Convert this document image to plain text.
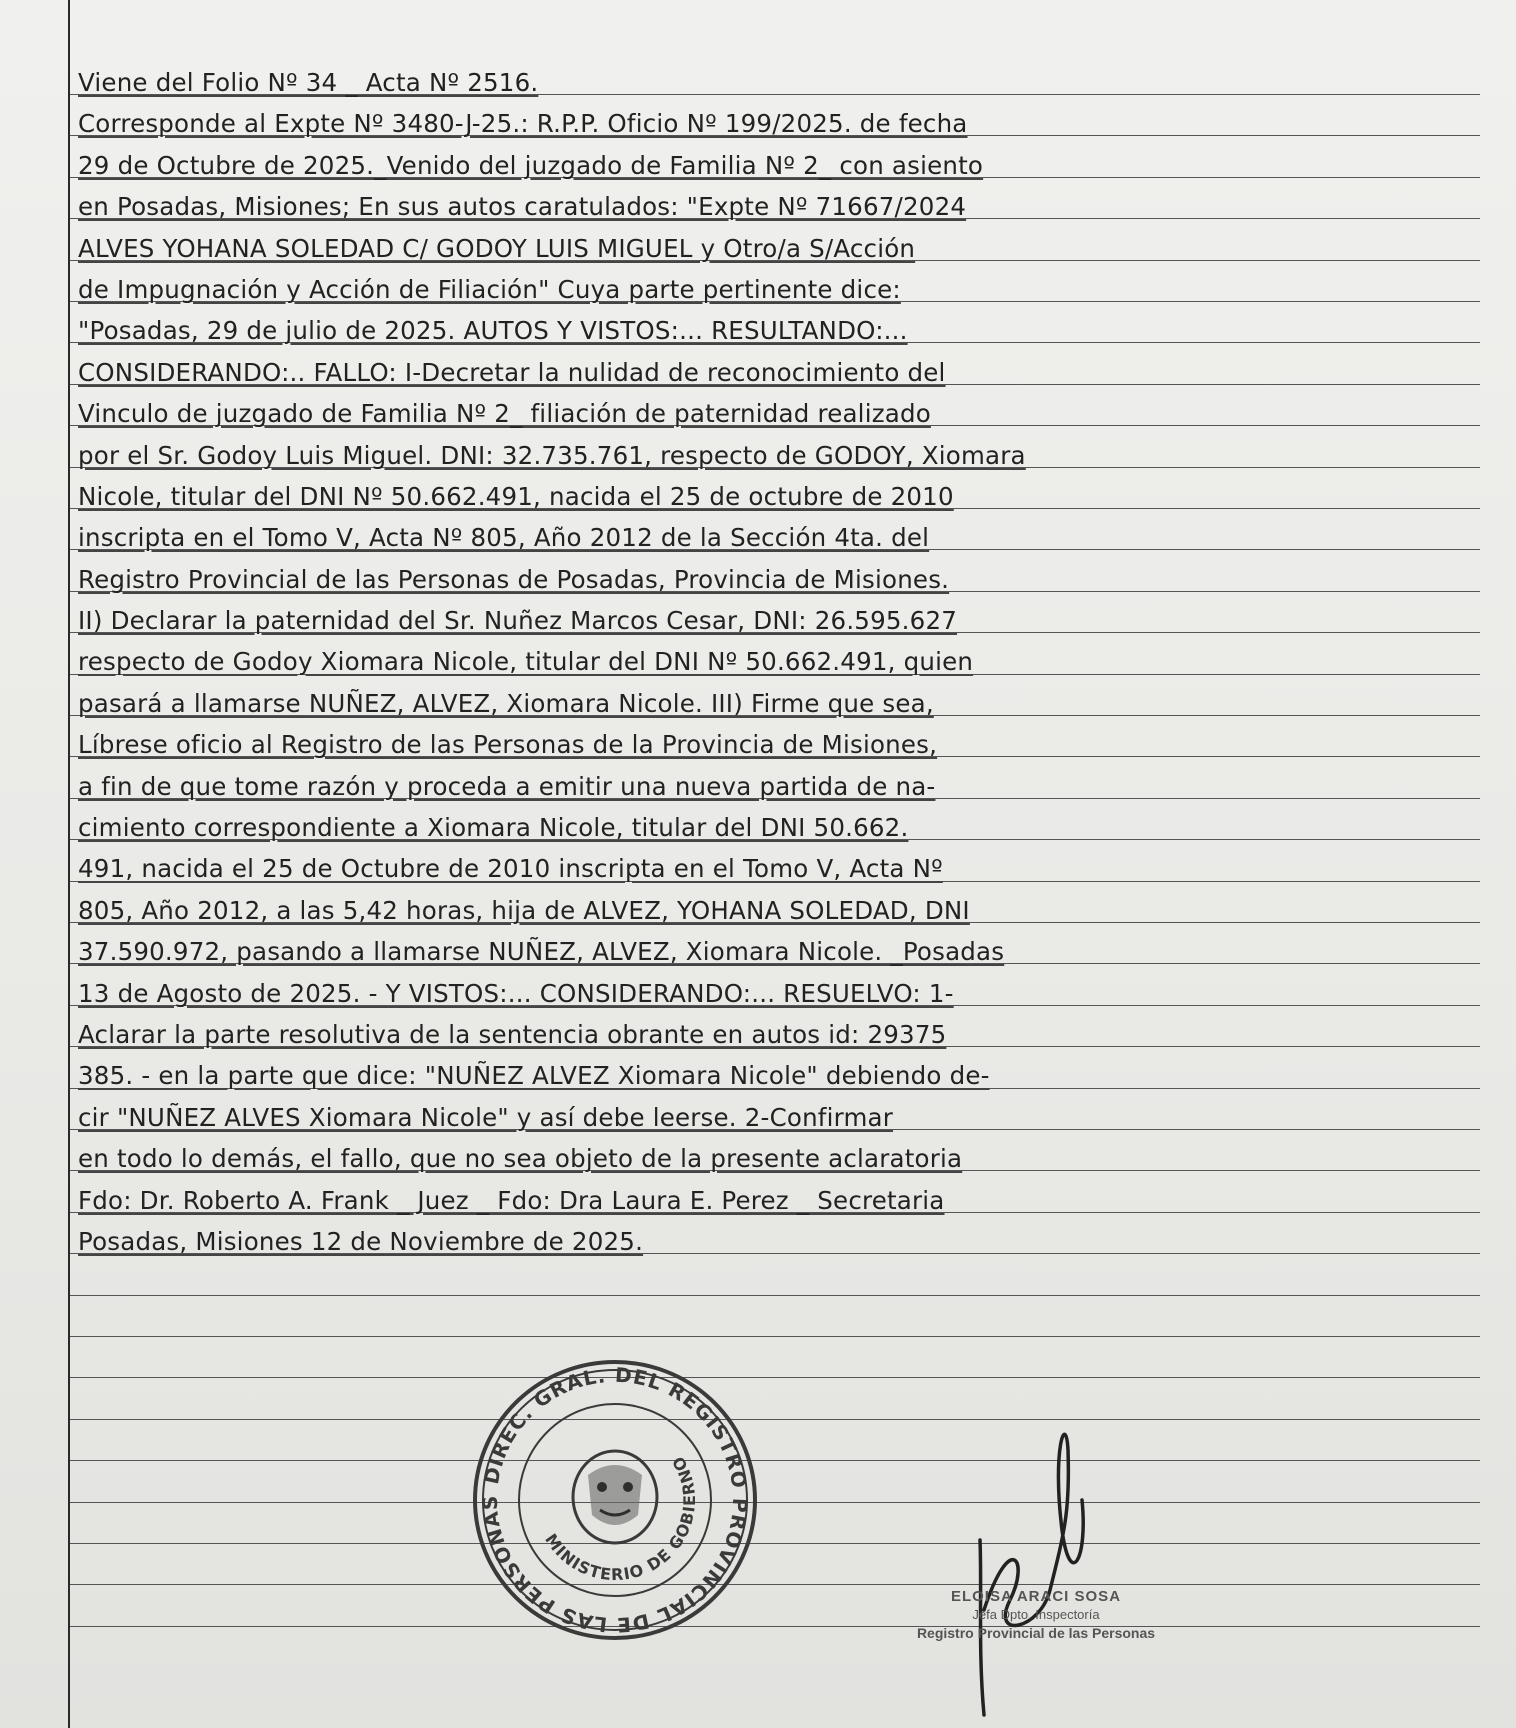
Viene del Folio Nº 34 _ Acta Nº 2516.
Corresponde al Expte Nº 3480-J-25.: R.P.P. Oficio Nº 199/2025. de fecha
29 de Octubre de 2025._Venido del juzgado de Familia Nº 2_ con asiento
en Posadas, Misiones; En sus autos caratulados: "Expte Nº 71667/2024
ALVES YOHANA SOLEDAD C/ GODOY LUIS MIGUEL y Otro/a S/Acción
de Impugnación y Acción de Filiación" Cuya parte pertinente dice:
"Posadas, 29 de julio de 2025. AUTOS Y VISTOS:... RESULTANDO:...
CONSIDERANDO:.. FALLO: I-Decretar la nulidad de reconocimiento del
Vinculo de juzgado de Familia Nº 2_ filiación de paternidad realizado
por el Sr. Godoy Luis Miguel. DNI: 32.735.761, respecto de GODOY, Xiomara
Nicole, titular del DNI Nº 50.662.491, nacida el 25 de octubre de 2010
inscripta en el Tomo V, Acta Nº 805, Año 2012 de la Sección 4ta. del
Registro Provincial de las Personas de Posadas, Provincia de Misiones.
II) Declarar la paternidad del Sr. Nuñez Marcos Cesar, DNI: 26.595.627
respecto de Godoy Xiomara Nicole, titular del DNI Nº 50.662.491, quien
pasará a llamarse NUÑEZ, ALVEZ, Xiomara Nicole. III) Firme que sea,
Líbrese oficio al Registro de las Personas de la Provincia de Misiones,
a fin de que tome razón y proceda a emitir una nueva partida de na-
cimiento correspondiente a Xiomara Nicole, titular del DNI 50.662.
491, nacida el 25 de Octubre de 2010 inscripta en el Tomo V, Acta Nº
805, Año 2012, a las 5,42 horas, hija de ALVEZ, YOHANA SOLEDAD, DNI
37.590.972, pasando a llamarse NUÑEZ, ALVEZ, Xiomara Nicole. _Posadas
13 de Agosto de 2025. - Y VISTOS:... CONSIDERANDO:... RESUELVO: 1-
Aclarar la parte resolutiva de la sentencia obrante en autos id: 29375
385. - en la parte que dice: "NUÑEZ ALVEZ Xiomara Nicole" debiendo de-
cir "NUÑEZ ALVES Xiomara Nicole" y así debe leerse. 2-Confirmar
en todo lo demás, el fallo, que no sea objeto de la presente aclaratoria
Fdo: Dr. Roberto A. Frank _ Juez _ Fdo: Dra Laura E. Perez _ Secretaria
Posadas, Misiones 12 de Noviembre de 2025.
DIREC. GRAL. DEL REGISTRO PROVINCIAL DE LAS PERSONAS
MINISTERIO DE GOBIERNO
ELOISA ARACI SOSA
Jefa Dpto. Inspectoría
Registro Provincial de las Personas
